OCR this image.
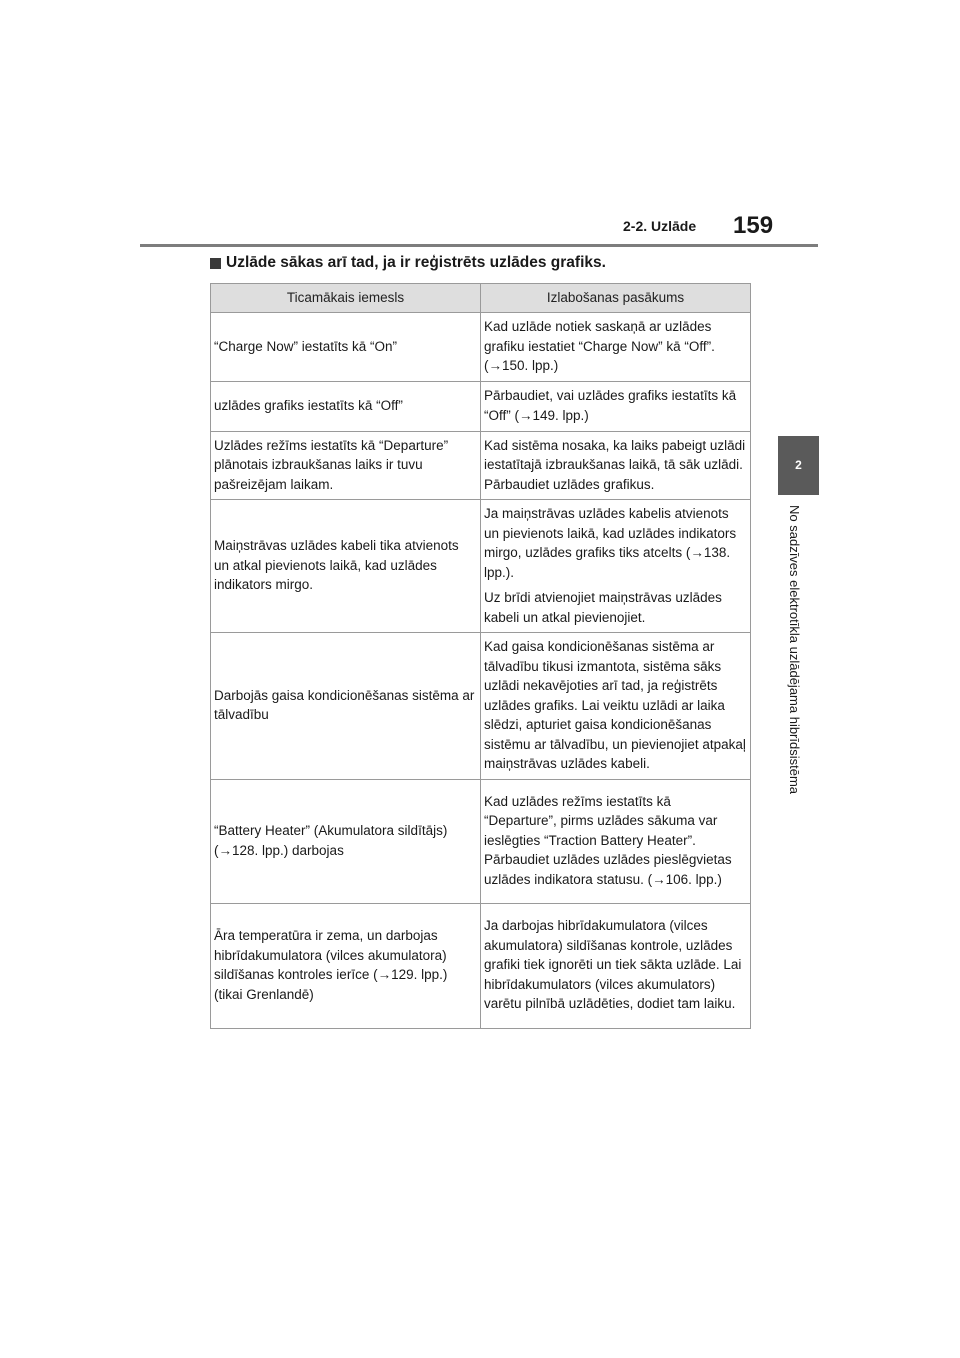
2-2. Uzlāde 159
2
No sadzīves elektrotīkla uzlādējama hibrīdsistēma
Uzlāde sākas arī tad, ja ir reģistrēts uzlādes grafiks.
Ticamākais iemesls	Izlabošanas pasākums
“Charge Now” iestatīts kā “On”	Kad uzlāde notiek saskaņā ar uzlādes grafiku iestatiet “Charge Now” kā “Off”. (→150. lpp.)

uzlādes grafiks iestatīts kā “Off”	Pārbaudiet, vai uzlādes grafiks iestatīts kā “Off” (→149. lpp.)

Uzlādes režīms iestatīts kā “Departure” plānotais izbraukšanas laiks ir tuvu pašreizējam laikam.	Kad sistēma nosaka, ka laiks pabeigt uzlādi iestatītajā izbraukšanas laikā, tā sāk uzlādi. Pārbaudiet uzlādes grafikus.

Maiņstrāvas uzlādes kabeli tika atvienots un atkal pievienots laikā, kad uzlādes indikators mirgo.	Ja maiņstrāvas uzlādes kabelis atvienots un pievienots laikā, kad uzlādes indikators mirgo, uzlādes grafiks tiks atcelts (→138. lpp.).
Uz brīdi atvienojiet maiņstrāvas uzlādes kabeli un atkal pievienojiet.

Darbojās gaisa kondicionēšanas sistēma ar tālvadību	Kad gaisa kondicionēšanas sistēma ar tālvadību tikusi izmantota, sistēma sāks uzlādi nekavējoties arī tad, ja reģistrēts uzlādes grafiks. Lai veiktu uzlādi ar laika slēdzi, apturiet gaisa kondicionēšanas sistēmu ar tālvadību, un pievienojiet atpakaļ maiņstrāvas uzlādes kabeli.

“Battery Heater” (Akumulatora sildītājs)(→128. lpp.) darbojas	Kad uzlādes režīms iestatīts kā “Departure”, pirms uzlādes sākuma var ieslēgties “Traction Battery Heater”. Pārbaudiet uzlādes uzlādes pieslēgvietas uzlādes indikatora statusu. (→106. lpp.)

Āra temperatūra ir zema, un darbojas hibrīdakumulatora (vilces akumulatora) sildīšanas kontroles ierīce (→129. lpp.) (tikai Grenlandē)	Ja darbojas hibrīdakumulatora (vilces akumulatora) sildīšanas kontrole, uzlādes grafiki tiek ignorēti un tiek sākta uzlāde. Lai hibrīdakumulators (vilces akumulators) varētu pilnībā uzlādēties, dodiet tam laiku.
